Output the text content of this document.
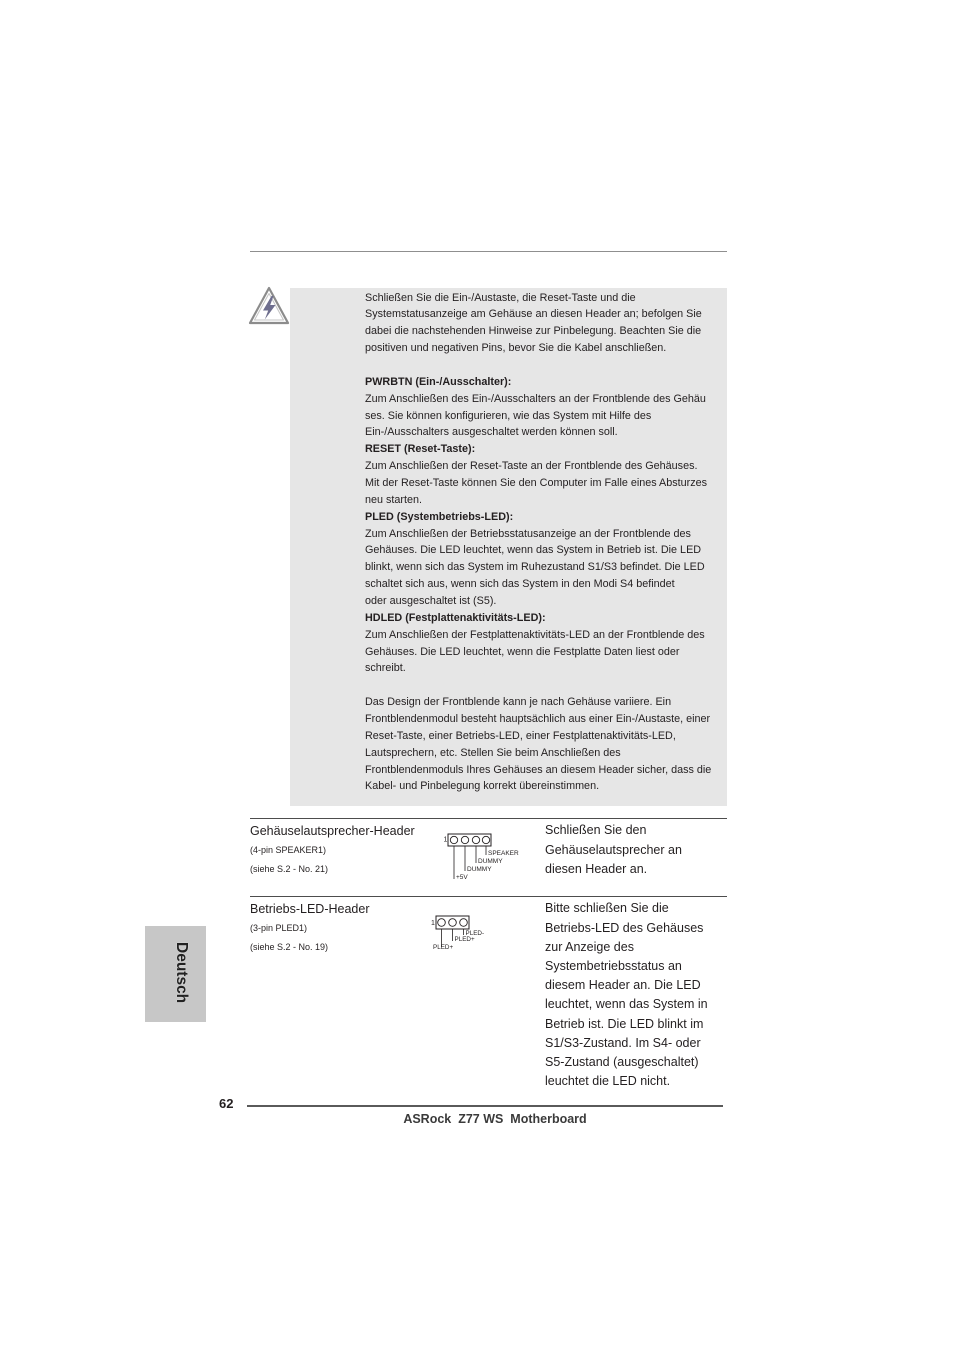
Schließen Sie die Ein-/Austaste, die Reset-Taste und die
Systemstatusanzeige am Gehäuse an diesen Header an; befolgen Sie
dabei die nachstehenden Hinweise zur Pinbelegung. Beachten Sie die
positiven und negativen Pins, bevor Sie die Kabel anschließen.
PWRBTN (Ein-/Ausschalter):
Zum Anschließen des Ein-/Ausschalters an der Frontblende des Gehäu
ses. Sie können konfigurieren, wie das System mit Hilfe des
Ein-/Ausschalters ausgeschaltet werden können soll.
RESET (Reset-Taste):
Zum Anschließen der Reset-Taste an der Frontblende des Gehäuses.
Mit der Reset-Taste können Sie den Computer im Falle eines Absturzes
neu starten.
PLED (Systembetriebs-LED):
Zum Anschließen der Betriebsstatusanzeige an der Frontblende des
Gehäuses. Die LED leuchtet, wenn das System in Betrieb ist. Die LED
blinkt, wenn sich das System im Ruhezustand S1/S3 befindet. Die LED
schaltet sich aus, wenn sich das System in den Modi S4 befindet
oder ausgeschaltet ist (S5).
HDLED (Festplattenaktivitäts-LED):
Zum Anschließen der Festplattenaktivitäts-LED an der Frontblende des
Gehäuses. Die LED leuchtet, wenn die Festplatte Daten liest oder
schreibt.
Das Design der Frontblende kann je nach Gehäuse variiere. Ein
Frontblendenmodul besteht hauptsächlich aus einer Ein-/Austaste, einer
Reset-Taste, einer Betriebs-LED, einer Festplattenaktivitäts-LED,
Lautsprechern, etc. Stellen Sie beim Anschließen des
Frontblendenmoduls Ihres Gehäuses an diesem Header sicher, dass die
Kabel- und Pinbelegung korrekt übereinstimmen.
Gehäuselautsprecher-Header
(4-pin SPEAKER1)
(siehe S.2 - No. 21)
1
SPEAKER
DUMMY
DUMMY
+5V
Schließen Sie den
Gehäuselautsprecher an
diesen Header an.
Betriebs-LED-Header
(3-pin PLED1)
(siehe S.2 - No. 19)
1
PLED-
PLED+
PLED+
Bitte schließen Sie die
Betriebs-LED des Gehäuses
zur Anzeige des
Systembetriebsstatus an
diesem Header an. Die LED
leuchtet, wenn das System in
Betrieb ist. Die LED blinkt im
S1/S3-Zustand. Im S4- oder
S5-Zustand (ausgeschaltet)
leuchtet die LED nicht.
Deutsch
62
ASRock  Z77 WS  Motherboard
